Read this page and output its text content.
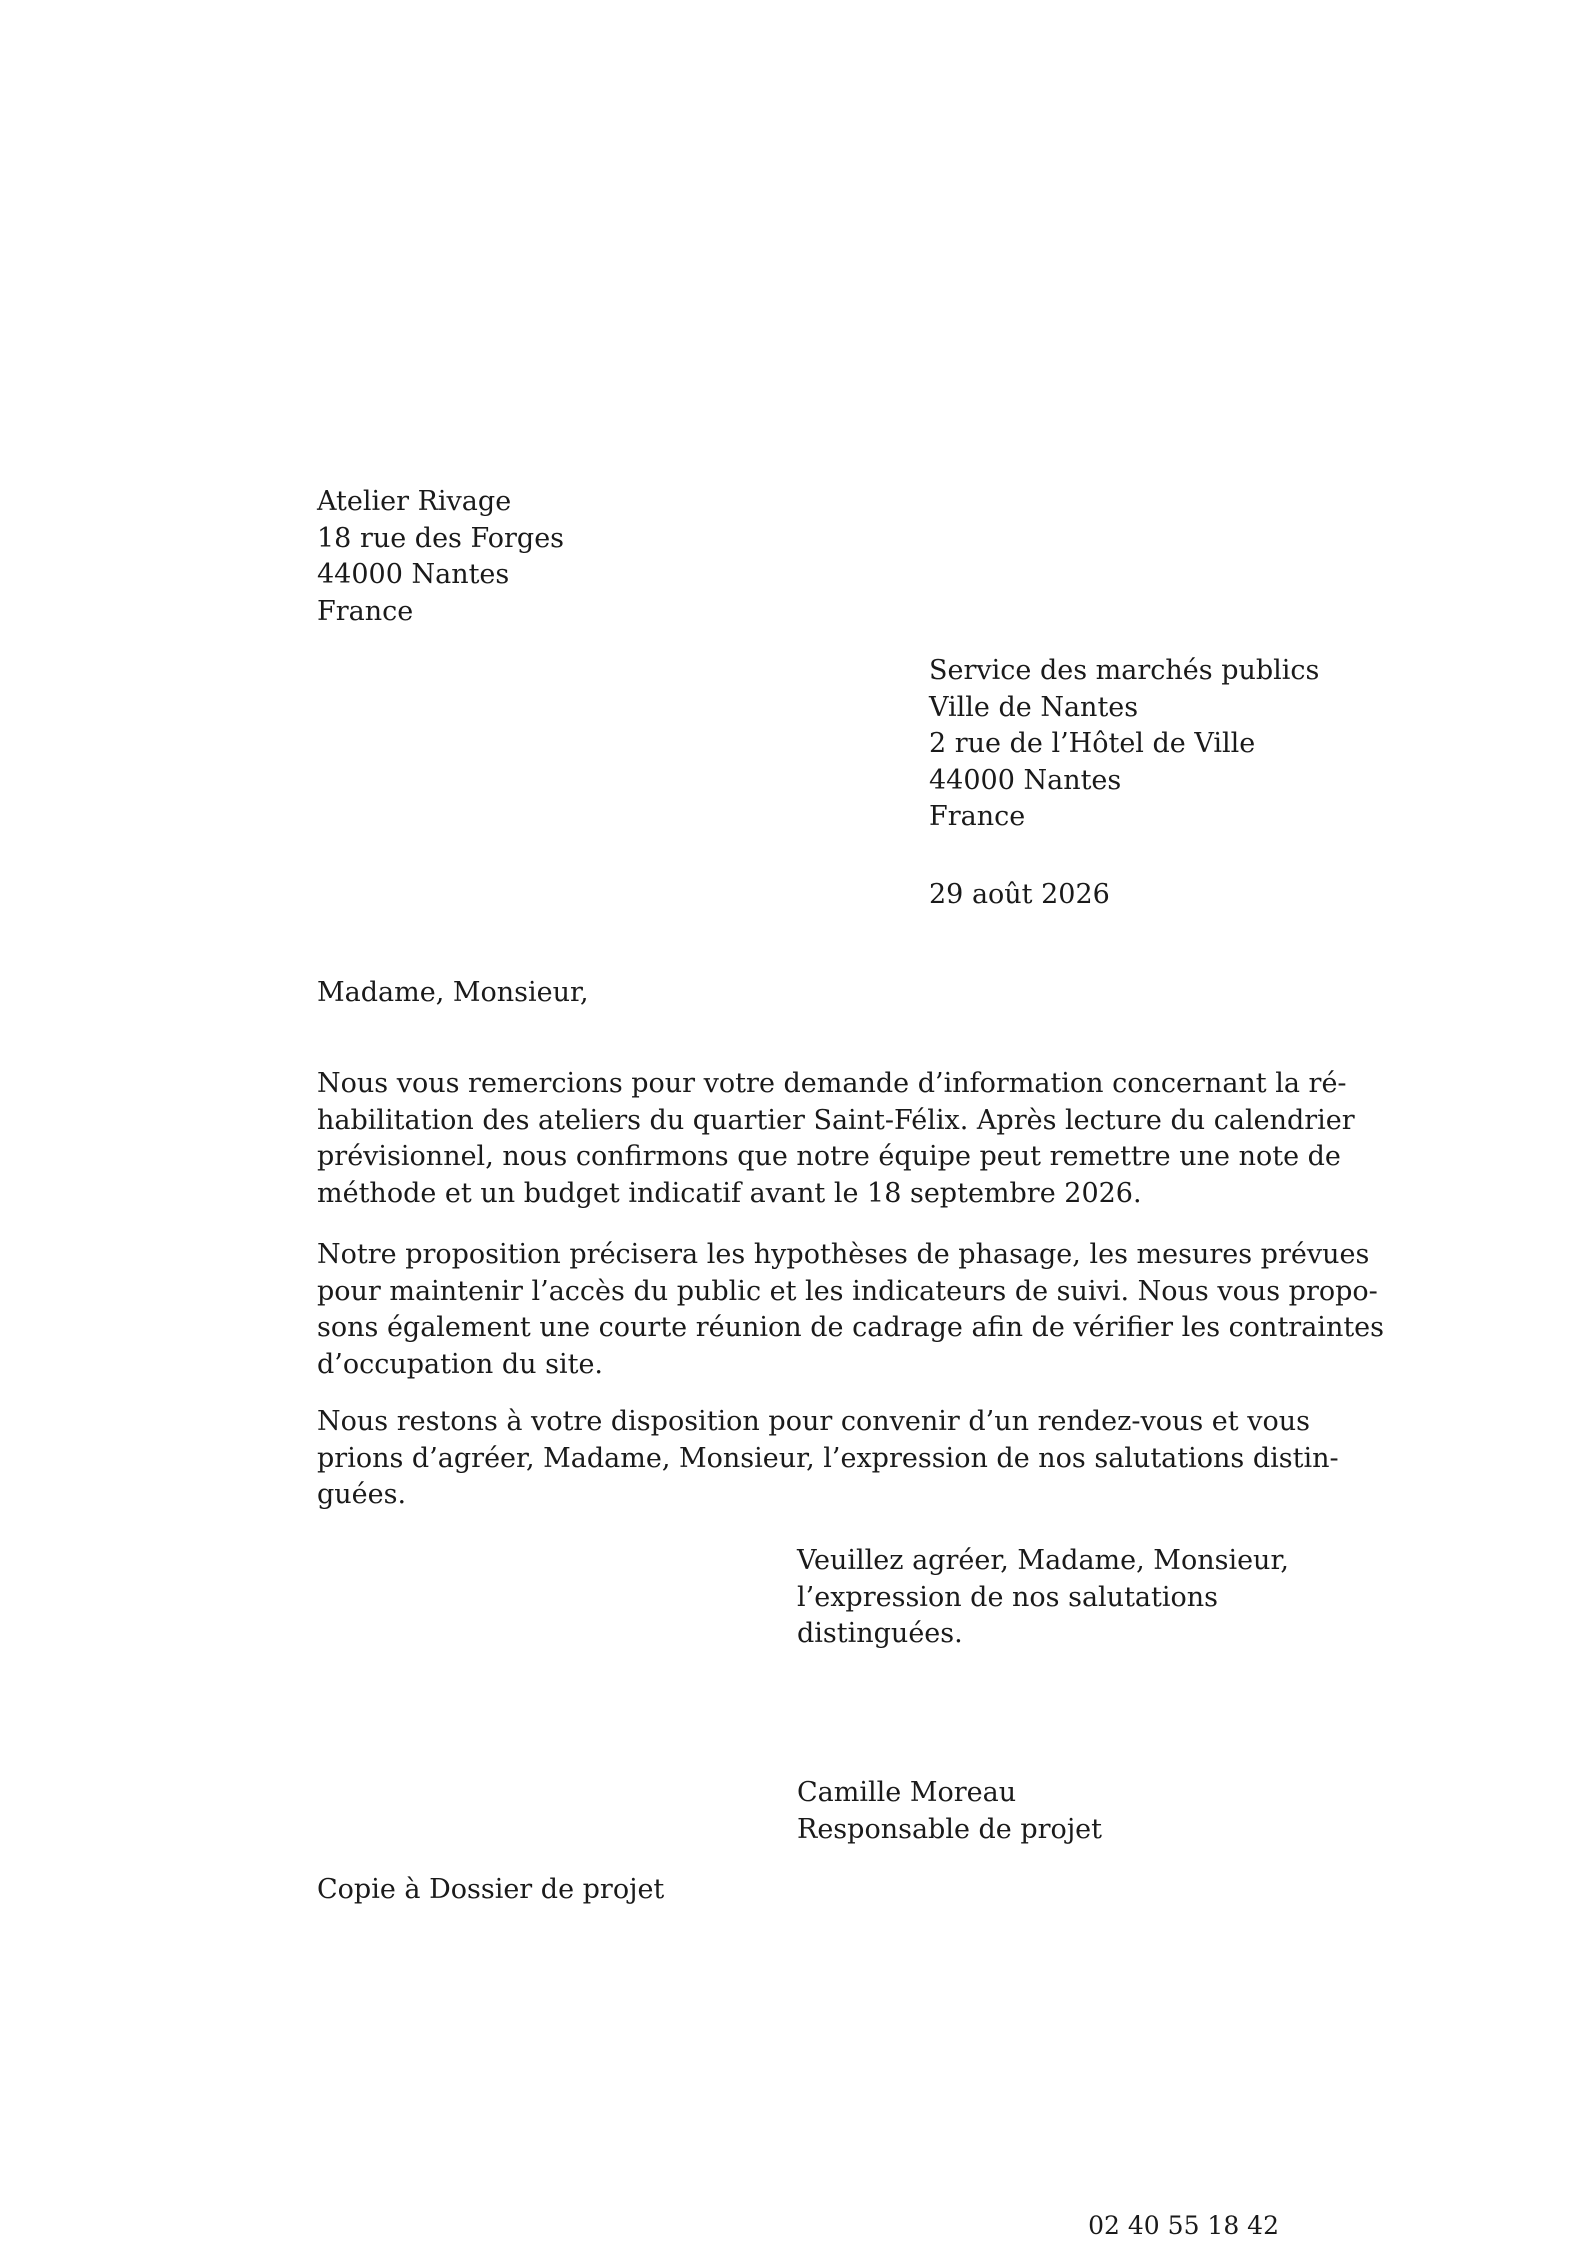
Atelier Rivage
18 rue des Forges
44000 Nantes
France
Service des marchés publics
Ville de Nantes
2 rue de l’Hôtel de Ville
44000 Nantes
France
29 août 2026
Madame, Monsieur,
Nous vous remercions pour votre demande d’information concernant la ré-
habilitation des ateliers du quartier Saint-Félix. Après lecture du calendrier
prévisionnel, nous confirmons que notre équipe peut remettre une note de
méthode et un budget indicatif avant le 18 septembre 2026.
Notre proposition précisera les hypothèses de phasage, les mesures prévues
pour maintenir l’accès du public et les indicateurs de suivi. Nous vous propo-
sons également une courte réunion de cadrage afin de vérifier les contraintes
d’occupation du site.
Nous restons à votre disposition pour convenir d’un rendez-vous et vous
prions d’agréer, Madame, Monsieur, l’expression de nos salutations distin-
guées.
Veuillez agréer, Madame, Monsieur,
l’expression de nos salutations
distinguées.
Camille Moreau
Responsable de projet
Copie à Dossier de projet
02 40 55 18 42
